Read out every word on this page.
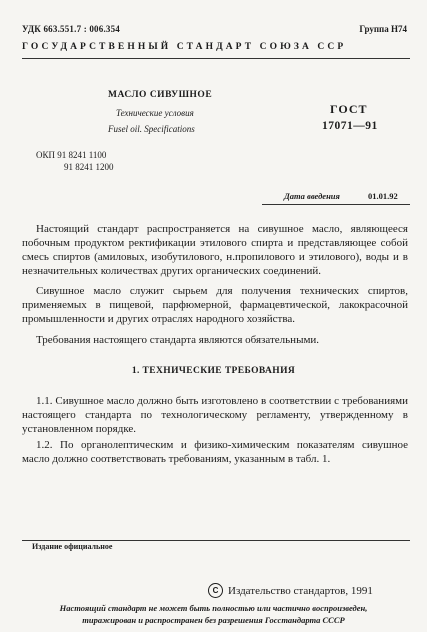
УДК 663.551.7 : 006.354	Группа Н74
ГОСУДАРСТВЕННЫЙ СТАНДАРТ СОЮЗА ССР
МАСЛО СИВУШНОЕ
Технические условия
Fusel oil. Specifications
ГОСТ
17071—91
ОКП 91 8241 1100
91 8241 1200
Дата введения	01.01.92

Настоящий стандарт распространяется на сивушное масло, являющееся побочным продуктом ректификации этилового спирта и представляющее собой смесь спиртов (амиловых, изобутилового, н.пропилового и этилового), воды и в незначительных количествах других органических соединений.

Сивушное масло служит сырьем для получения технических спиртов, применяемых в пищевой, парфюмерной, фармацевтической, лакокрасочной промышленности и других отраслях народного хозяйства.

Требования настоящего стандарта являются обязательными.

1. ТЕХНИЧЕСКИЕ ТРЕБОВАНИЯ

1.1. Сивушное масло должно быть изготовлено в соответствии с требованиями настоящего стандарта по технологическому регламенту, утвержденному в установленном порядке.

1.2. По органолептическим и физико-химическим показателям сивушное масло должно соответствовать требованиям, указанным в табл. 1.

Издание официальное
C Издательство стандартов, 1991
Настоящий стандарт не может быть полностью или частично воспроизведен,
тиражирован и распространен без разрешения Госстандарта СССР
